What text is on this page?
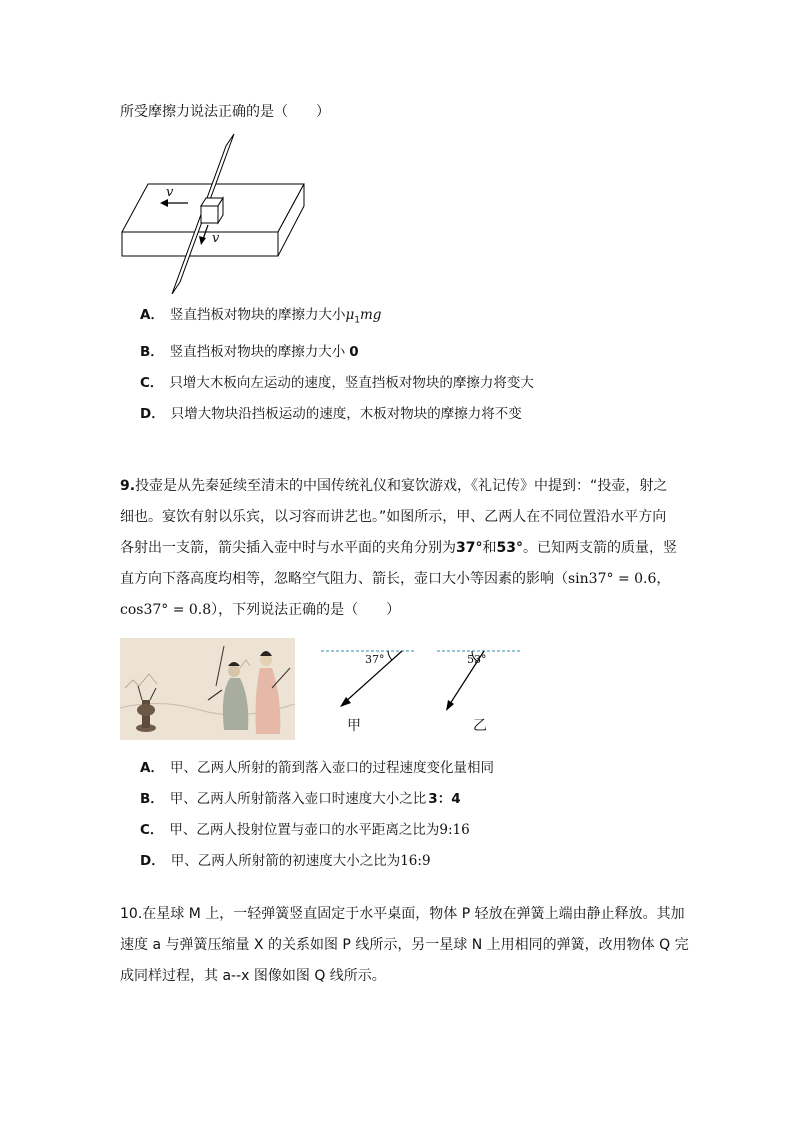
所受摩擦力说法正确的是（　　）
v
v
A． 竖直挡板对物块的摩擦力大小$\mu_1mg$
B． 竖直挡板对物块的摩擦力大小 0
C． 只增大木板向左运动的速度，竖直挡板对物块的摩擦力将变大
D． 只增大物块沿挡板运动的速度，木板对物块的摩擦力将不变
9.投壶是从先秦延续至清末的中国传统礼仪和宴饮游戏，《礼记传》中提到：“投壶，射之
细也。宴饮有射以乐宾，以习容而讲艺也。”如图所示，甲、乙两人在不同位置沿水平方向
各射出一支箭，箭尖插入壶中时与水平面的夹角分别为37°和53°。已知两支箭的质量，竖
直方向下落高度均相等，忽略空气阻力、箭长，壶口大小等因素的影响（sin37° = 0.6，
cos37° = 0.8），下列说法正确的是（　　）
37°
甲
53°
乙
A． 甲、乙两人所射的箭到落入壶口的过程速度变化量相同
B． 甲、乙两人所射箭落入壶口时速度大小之比 3：4
C． 甲、乙两人投射位置与壶口的水平距离之比为9:16
D． 甲、乙两人所射箭的初速度大小之比为16:9
10.在星球 M 上，一轻弹簧竖直固定于水平桌面，物体 P 轻放在弹簧上端由静止释放。其加
速度 a 与弹簧压缩量 X 的关系如图 P 线所示，另一星球 N 上用相同的弹簧，改用物体 Q 完
成同样过程，其 a--x 图像如图 Q 线所示。
